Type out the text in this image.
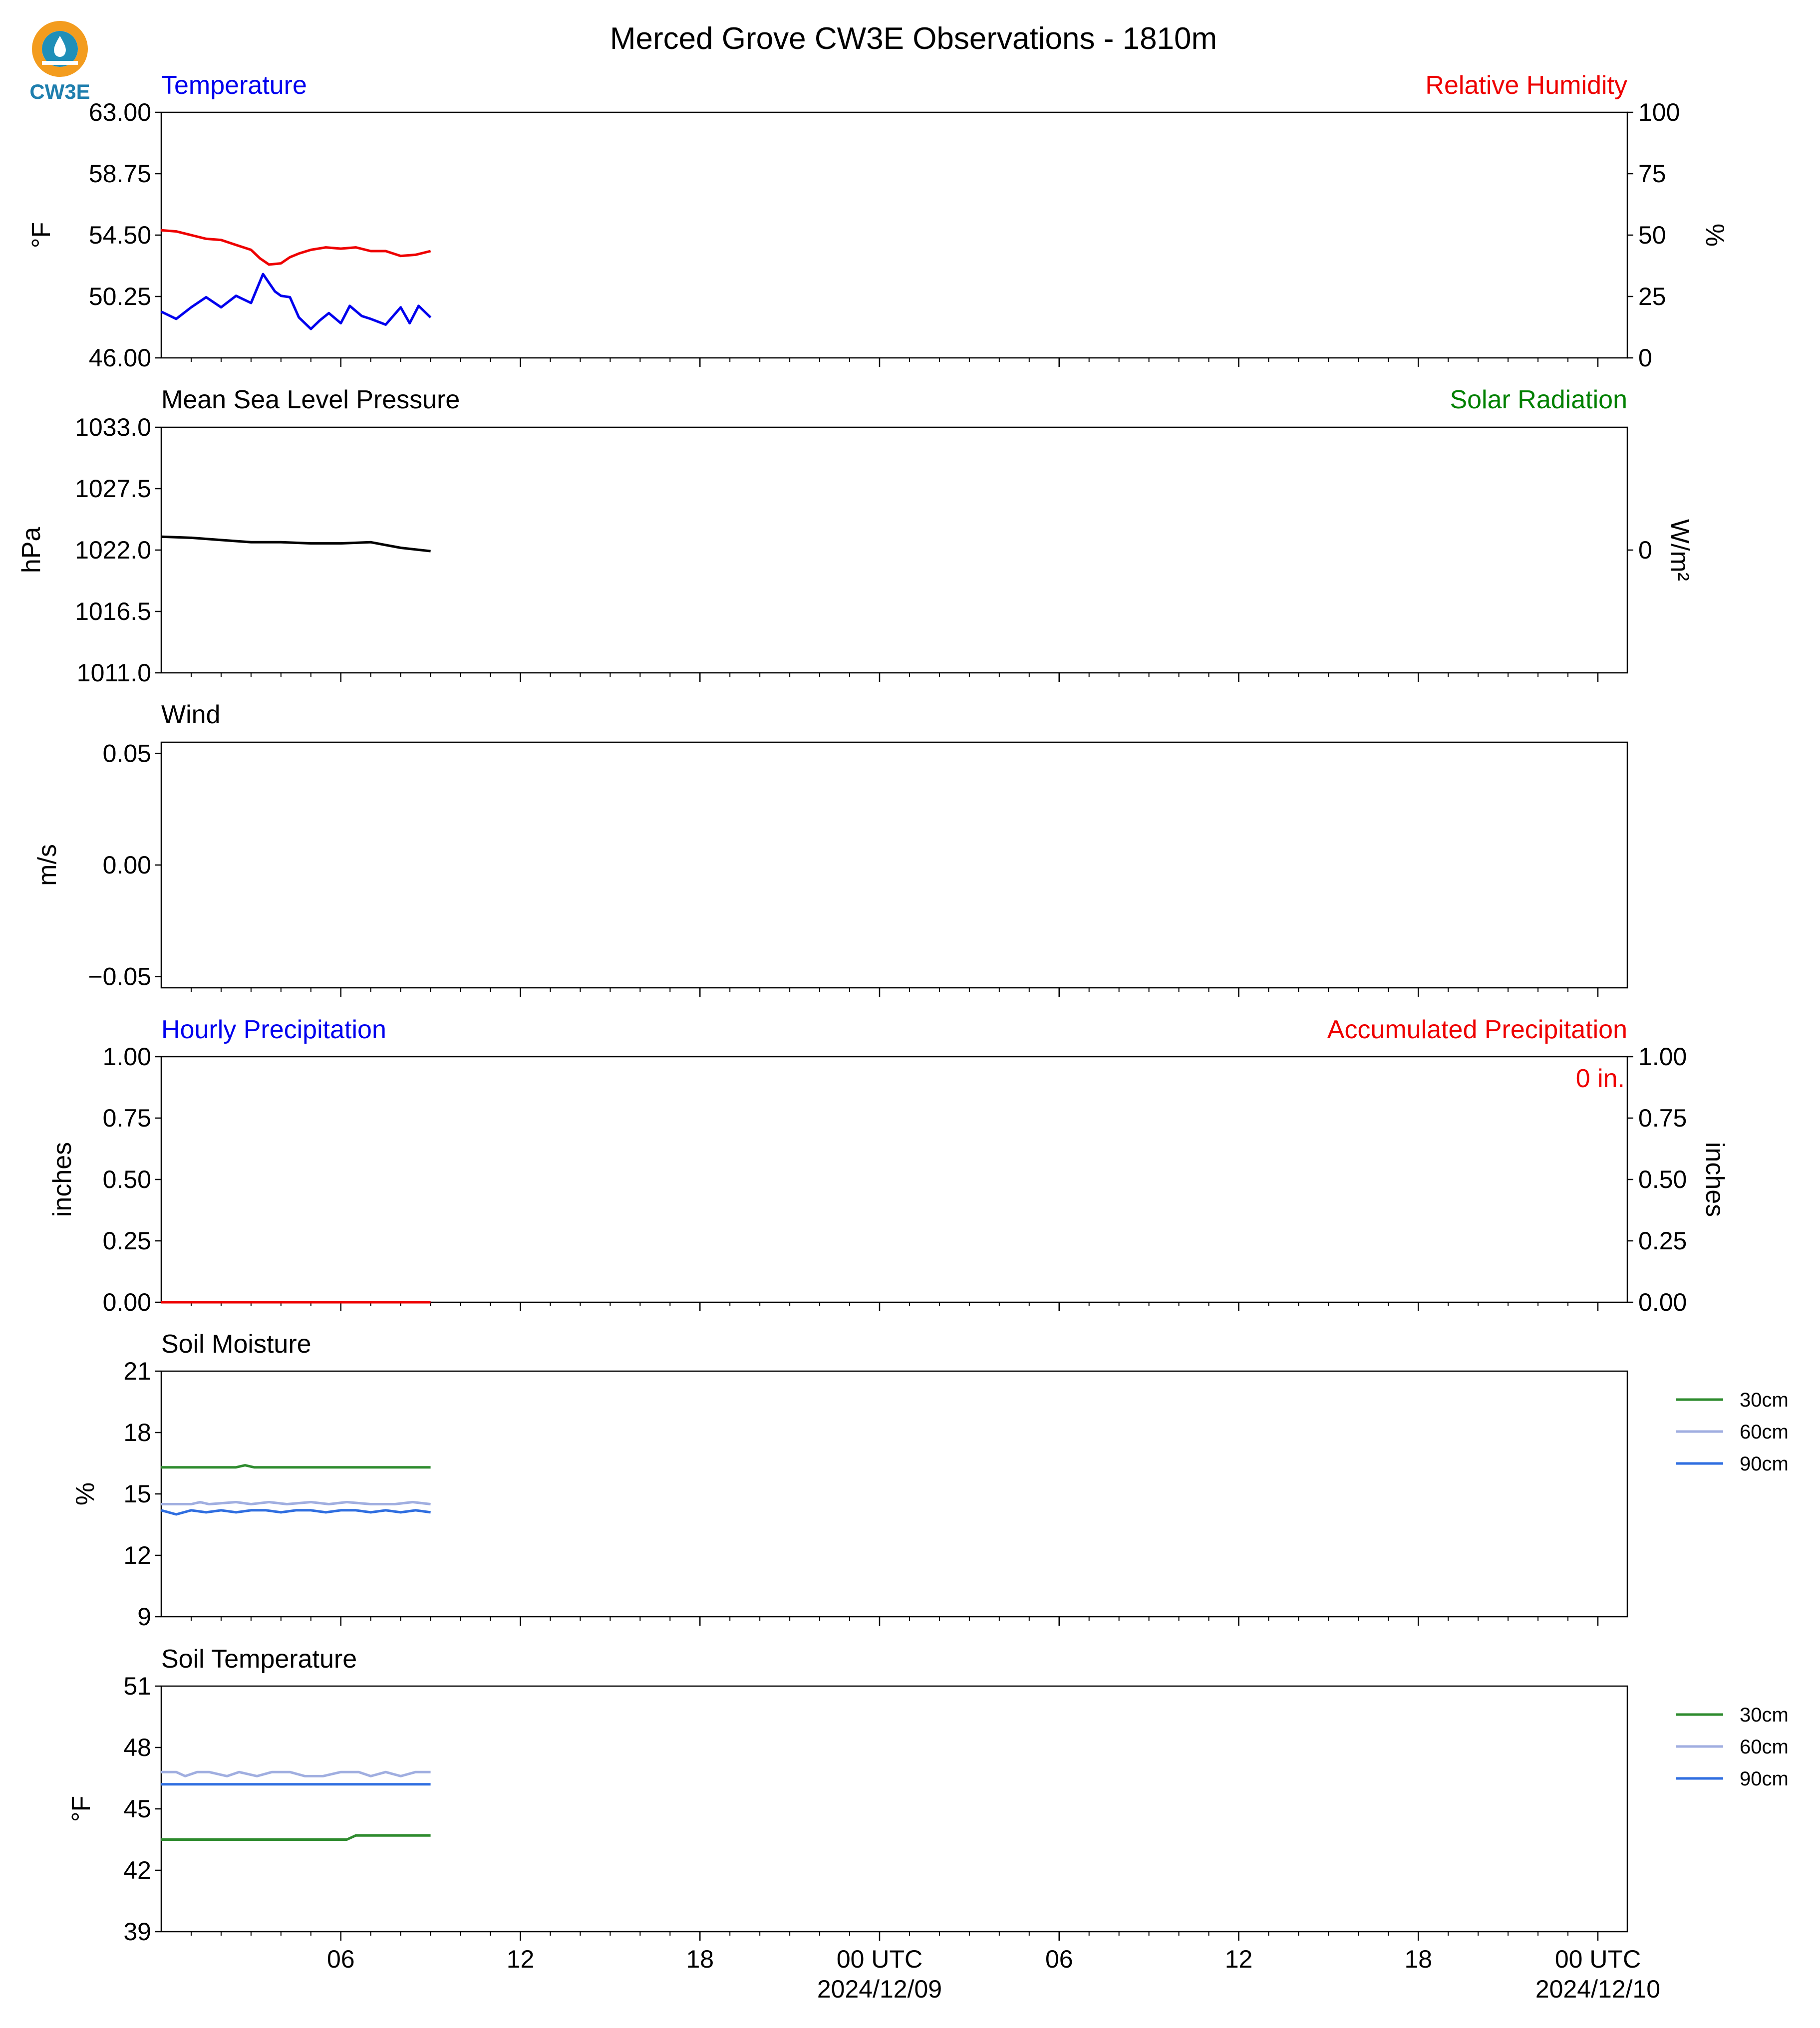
CW3E
Merced Grove CW3E Observations - 1810m
Temperature	Relative Humidity
°F	%
Mean Sea Level Pressure	Solar Radiation
hPa	W/m²
Wind
m/s
Hourly Precipitation	Accumulated Precipitation
0 in.
inches	inches
Soil Moisture
%
Soil Temperature
°F
63.00
58.75
54.50
50.25
46.00
100
75
50
25
0
1033.0
1027.5
1022.0
1016.5
1011.0
0
0.05
0.00
−0.05
1.00
0.75
0.50
0.25
0.00
1.00
0.75
0.50
0.25
0.00
21
18
15
12
9
30cm
60cm
90cm
51
48
45
42
39
06	12	18	00 UTC
2024/12/09
06	12	18	00 UTC
2024/12/10
30cm
60cm
90cm
